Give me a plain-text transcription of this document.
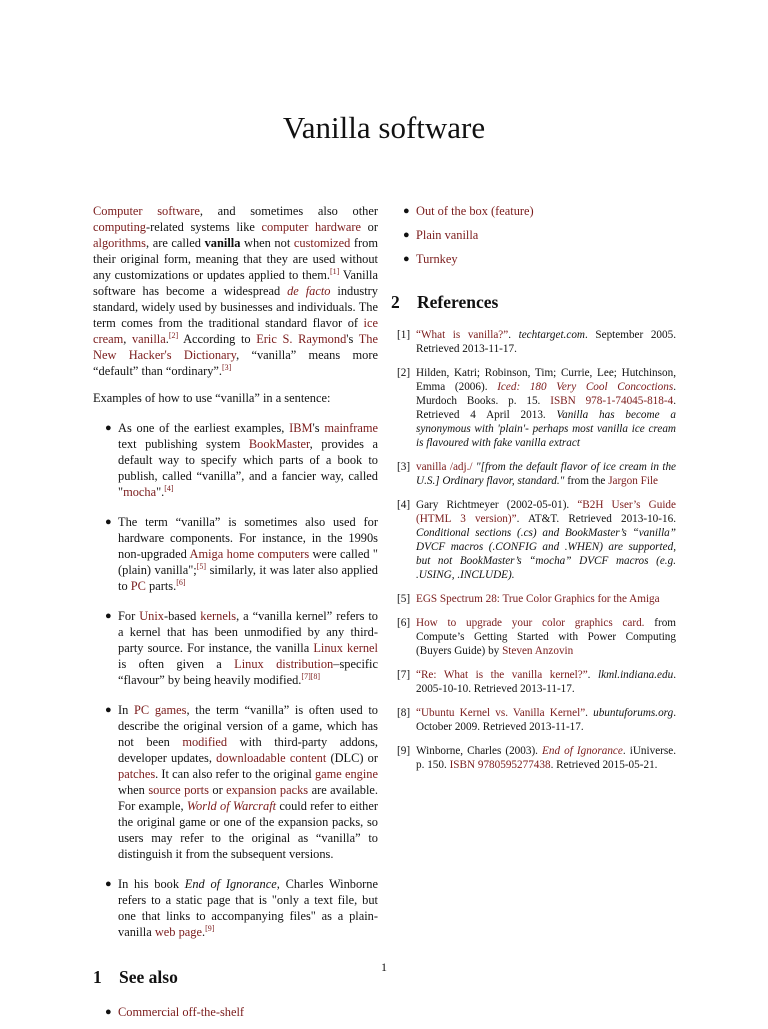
Vanilla software

Computer software, and sometimes also other computing-related systems like computer hardware or algorithms, are called vanilla when not customized from their original form, meaning that they are used without any customizations or updates applied to them.[1] Vanilla software has become a widespread de facto industry standard, widely used by businesses and individuals. The term comes from the traditional standard flavor of ice cream, vanilla.[2] According to Eric S. Raymond's The New Hacker's Dictionary, “vanilla” means more “default” than “ordinary”.[3]

Examples of how to use “vanilla” in a sentence:

● As one of the earliest examples, IBM's mainframe text publishing system BookMaster, provides a default way to specify which parts of a book to publish, called “vanilla”, and a fancier way, called "mocha".[4]
● The term “vanilla” is sometimes also used for hardware components. For instance, in the 1990s non-upgraded Amiga home computers were called "(plain) vanilla";[5] similarly, it was later also applied to PC parts.[6]
● For Unix-based kernels, a “vanilla kernel” refers to a kernel that has been unmodified by any third-party source. For instance, the vanilla Linux kernel is often given a Linux distribution–specific “flavour” by being heavily modified.[7][8]
● In PC games, the term “vanilla” is often used to describe the original version of a game, which has not been modified with third-party addons, developer updates, downloadable content (DLC) or patches. It can also refer to the original game engine when source ports or expansion packs are available. For example, World of Warcraft could refer to either the original game or one of the expansion packs, so users may refer to the original as “vanilla” to distinguish it from the subsequent versions.
● In his book End of Ignorance, Charles Winborne refers to a static page that is "only a text file, but one that links to accompanying files" as a plain-vanilla web page.[9]
1 See also
● Commercial off-the-shelf
● Out of the box (feature)
● Plain vanilla
● Turnkey
2 References
[1] “What is vanilla?”. techtarget.com. September 2005. Retrieved 2013-11-17.
[2] Hilden, Katri; Robinson, Tim; Currie, Lee; Hutchinson, Emma (2006). Iced: 180 Very Cool Concoctions. Murdoch Books. p. 15. ISBN 978-1-74045-818-4. Retrieved 4 April 2013. Vanilla has become a synonymous with 'plain'- perhaps most vanilla ice cream is flavoured with fake vanilla extract
[3] vanilla /adj./ "[from the default flavor of ice cream in the U.S.] Ordinary flavor, standard." from the Jargon File
[4] Gary Richtmeyer (2002-05-01). “B2H User’s Guide (HTML 3 version)”. AT&T. Retrieved 2013-10-16. Conditional sections (.cs) and BookMaster’s “vanilla” DVCF macros (.CONFIG and .WHEN) are supported, but not BookMaster’s “mocha” DVCF macros (e.g. .USING, .INCLUDE).
[5] EGS Spectrum 28: True Color Graphics for the Amiga
[6] How to upgrade your color graphics card. from Compute’s Getting Started with Power Computing (Buyers Guide) by Steven Anzovin
[7] “Re: What is the vanilla kernel?”. lkml.indiana.edu. 2005-10-10. Retrieved 2013-11-17.
[8] “Ubuntu Kernel vs. Vanilla Kernel”. ubuntuforums.org. October 2009. Retrieved 2013-11-17.
[9] Winborne, Charles (2003). End of Ignorance. iUniverse. p. 150. ISBN 9780595277438. Retrieved 2015-05-21.
1
